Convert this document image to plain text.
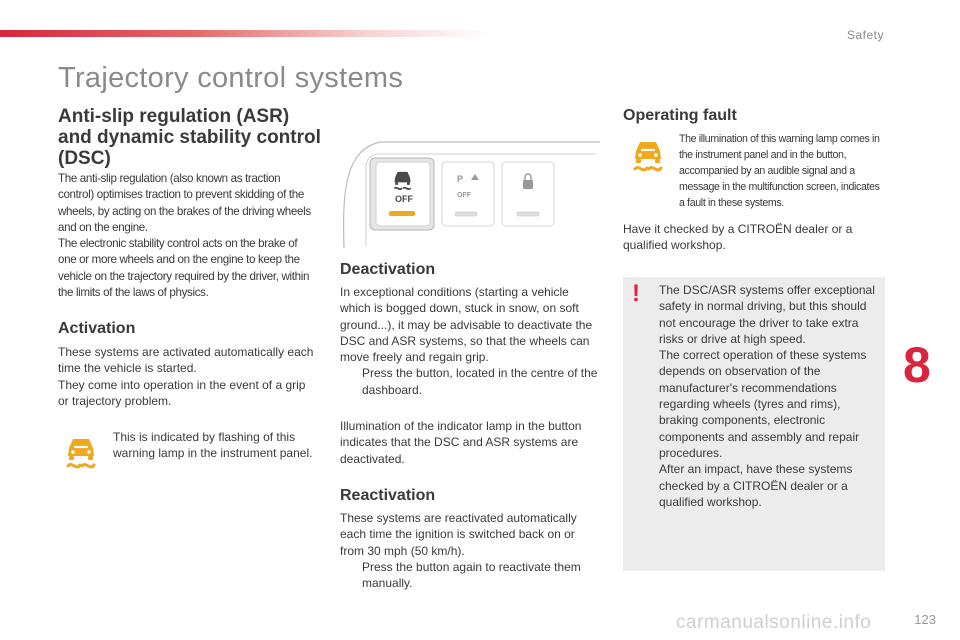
Safety
Trajectory control systems
Anti-slip regulation (ASR) and dynamic stability control (DSC)

The anti-slip regulation (also known as traction control) optimises traction to prevent skidding of the wheels, by acting on the brakes of the driving wheels and on the engine.

The electronic stability control acts on the brake of one or more wheels and on the engine to keep the vehicle on the trajectory required by the driver, within the limits of the laws of physics.

Activation

These systems are activated automatically each time the vehicle is started.

They come into operation in the event of a grip or trajectory problem.

This is indicated by flashing of this warning lamp in the instrument panel.

OFF
P
OFF
Deactivation

In exceptional conditions (starting a vehicle which is bogged down, stuck in snow, on soft ground...), it may be advisable to deactivate the DSC and ASR systems, so that the wheels can move freely and regain grip.

Press the button, located in the centre of the dashboard.

Illumination of the indicator lamp in the button indicates that the DSC and ASR systems are deactivated.

Reactivation

These systems are reactivated automatically each time the ignition is switched back on or from 30 mph (50 km/h).

Press the button again to reactivate them manually.

Operating fault

The illumination of this warning lamp comes in the instrument panel and in the button, accompanied by an audible signal and a message in the multifunction screen, indicates a fault in these systems.

Have it checked by a CITROËN dealer or a qualified workshop.

! The DSC/ASR systems offer exceptional safety in normal driving, but this should not encourage the driver to take extra risks or drive at high speed.

The correct operation of these systems depends on observation of the manufacturer's recommendations regarding wheels (tyres and rims), braking components, electronic components and assembly and repair procedures.

After an impact, have these systems checked by a CITROËN dealer or a qualified workshop.

8
carmanualsonline.info	123
